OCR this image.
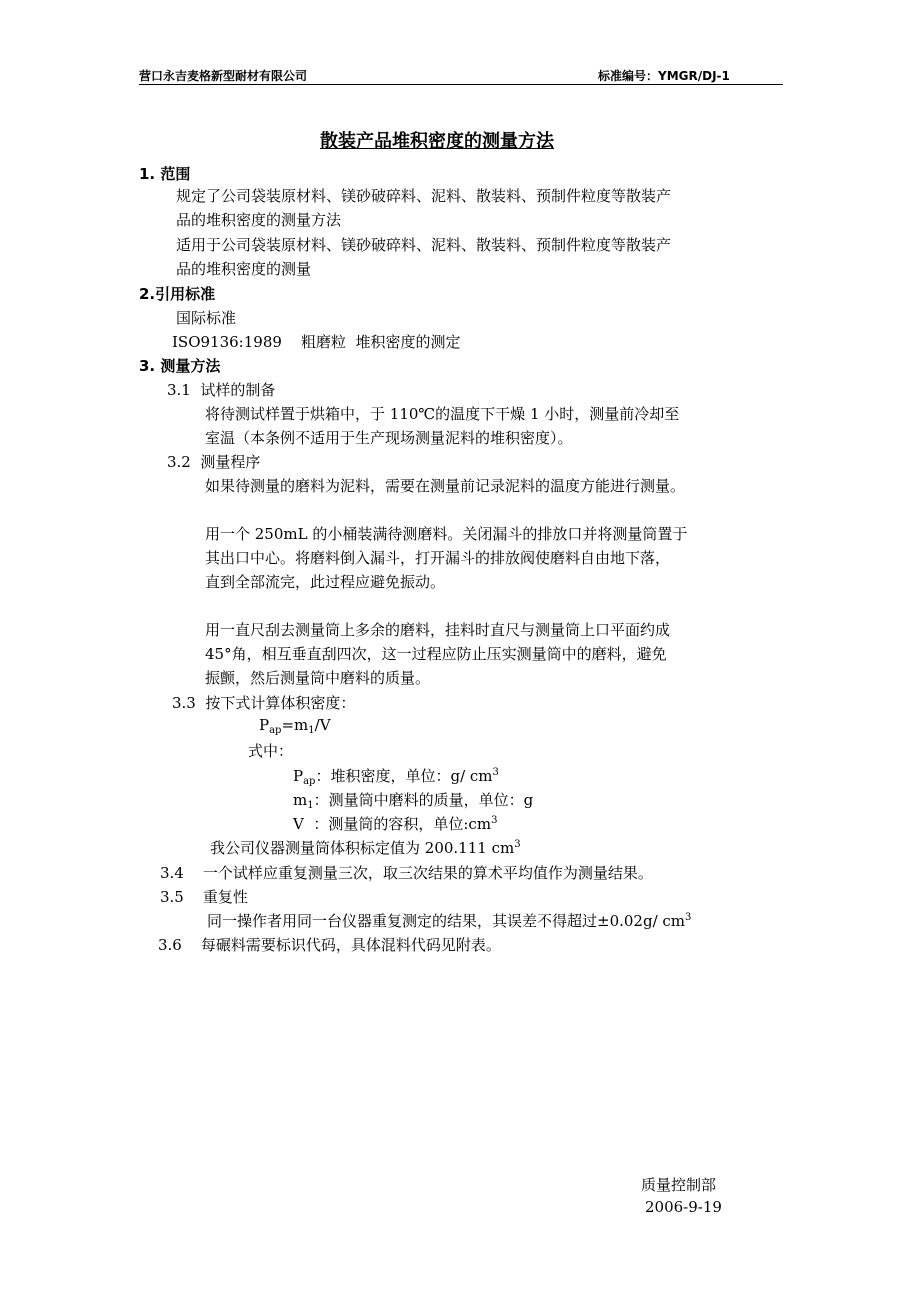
营口永吉麦格新型耐材有限公司	标准编号：YMGR/DJ-1
散装产品堆积密度的测量方法
1. 范围
规定了公司袋装原材料、镁砂破碎料、泥料、散装料、预制件粒度等散装产
品的堆积密度的测量方法
适用于公司袋装原材料、镁砂破碎料、泥料、散装料、预制件粒度等散装产
品的堆积密度的测量
2.引用标准
国际标准
ISO9136:1989    粗磨粒  堆积密度的测定
3. 测量方法
3.1  试样的制备
将待测试样置于烘箱中，于 110℃的温度下干燥 1 小时，测量前冷却至
室温（本条例不适用于生产现场测量泥料的堆积密度）。
3.2  测量程序
如果待测量的磨料为泥料，需要在测量前记录泥料的温度方能进行测量。
用一个 250mL 的小桶装满待测磨料。关闭漏斗的排放口并将测量筒置于
其出口中心。将磨料倒入漏斗，打开漏斗的排放阀使磨料自由地下落，
直到全部流完，此过程应避免振动。
用一直尺刮去测量筒上多余的磨料，挂料时直尺与测量筒上口平面约成
45°角，相互垂直刮四次，这一过程应防止压实测量筒中的磨料，避免
振颤，然后测量筒中磨料的质量。
3.3  按下式计算体积密度：
$P_{ap}=m_1/V$
式中：
$P_{ap}$：堆积密度，单位：g/ $cm^3$
$m_1$：测量筒中磨料的质量，单位：g
V  ：测量筒的容积，单位$:cm^3$
我公司仪器测量筒体积标定值为 200.111 $cm^3$
3.4    一个试样应重复测量三次，取三次结果的算术平均值作为测量结果。
3.5    重复性
同一操作者用同一台仪器重复测定的结果，其误差不得超过±0.02g/ $cm^3$
3.6    每碾料需要标识代码，具体混料代码见附表。
质量控制部
2006-9-19
